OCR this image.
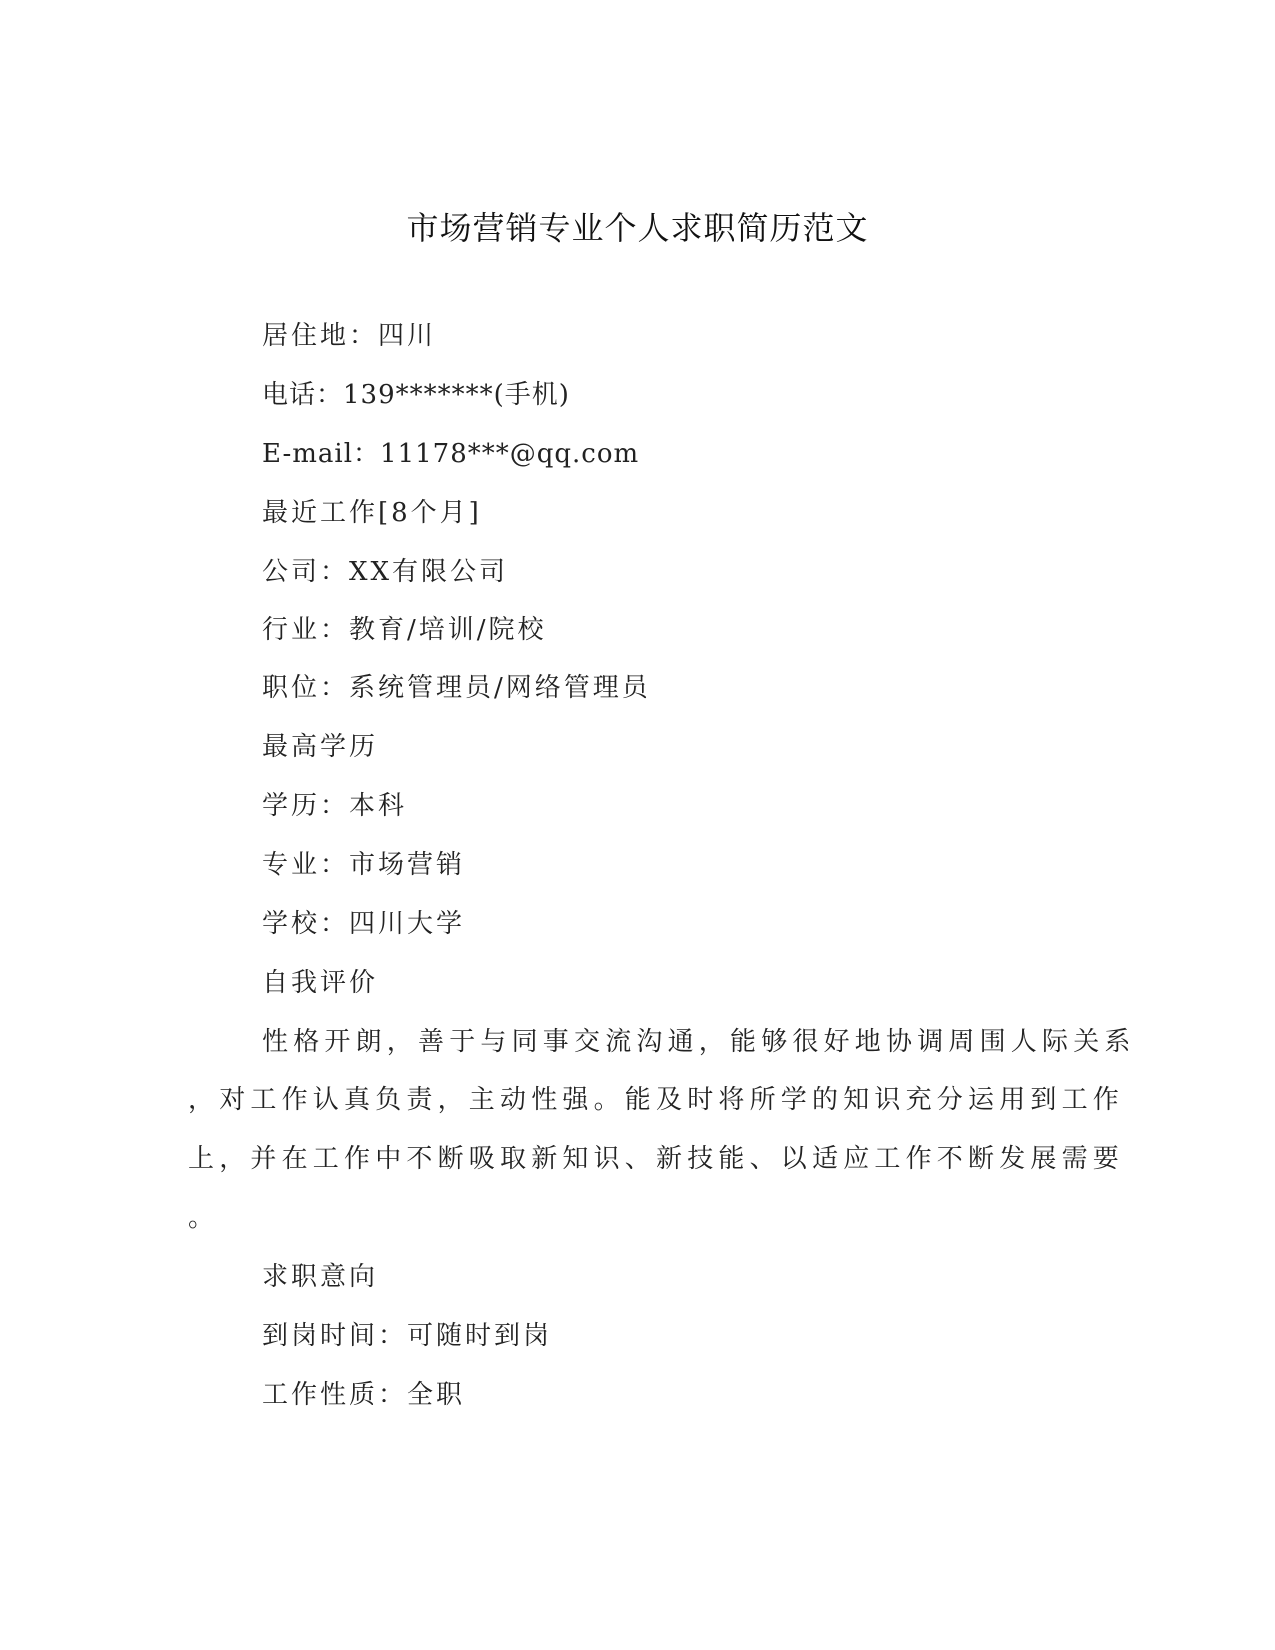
市场营销专业个人求职简历范文
居住地：四川
电话：139*******(手机)
E-mail：11178***@qq.com
最近工作[8个月]
公司：XX有限公司
行业：教育/培训/院校
职位：系统管理员/网络管理员
最高学历
学历：本科
专业：市场营销
学校：四川大学
自我评价
性格开朗，善于与同事交流沟通，能够很好地协调周围人际关系
，对工作认真负责，主动性强。能及时将所学的知识充分运用到工作
上，并在工作中不断吸取新知识、新技能、以适应工作不断发展需要
。
求职意向
到岗时间：可随时到岗
工作性质：全职
